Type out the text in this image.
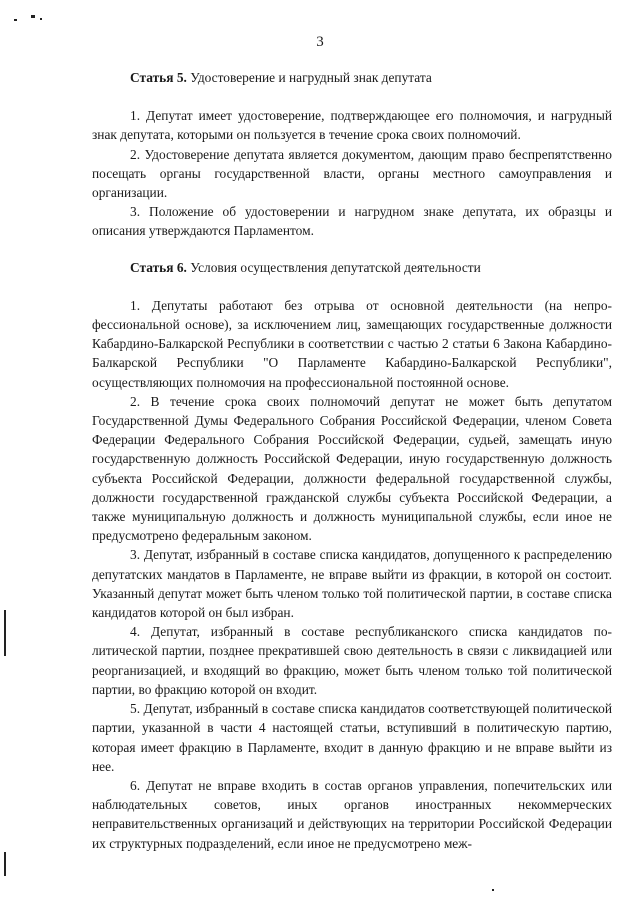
3
Статья 5. Удостоверение и нагрудный знак депутата

1. Депутат имеет удостоверение, подтверждающее его полномочия, и нагрудный знак депутата, которыми он пользуется в течение срока своих полномочий.

2. Удостоверение депутата является документом, дающим право беспрепятственно посещать органы государственной власти, органы местного самоуправления и организации.

3. Положение об удостоверении и нагрудном знаке депутата, их образцы и описания утверждаются Парламентом.

Статья 6. Условия осуществления депутатской деятельности

1. Депутаты работают без отрыва от основной деятельности (на непрофессиональной основе), за исключением лиц, замещающих государственные должности Кабардино-Балкарской Республики в соответствии с частью 2 статьи 6 Закона Кабардино-Балкарской Республики "О Парламенте Кабардино-Балкарской Республики", осуществляющих полномочия на профессиональной постоянной основе.

2. В течение срока своих полномочий депутат не может быть депутатом Государственной Думы Федерального Собрания Российской Федерации, членом Совета Федерации Федерального Собрания Российской Федерации, судьей, замещать иную государственную должность Российской Федерации, иную государственную должность субъекта Российской Федерации, должности федеральной государственной службы, должности государственной гражданской службы субъекта Российской Федерации, а также муниципальную должность и должность муниципальной службы, если иное не предусмотрено федеральным законом.

3. Депутат, избранный в составе списка кандидатов, допущенного к распределению депутатских мандатов в Парламенте, не вправе выйти из фракции, в которой он состоит. Указанный депутат может быть членом только той политической партии, в составе списка кандидатов которой он был избран.

4. Депутат, избранный в составе республиканского списка кандидатов политической партии, позднее прекратившей свою деятельность в связи с ликвидацией или реорганизацией, и входящий во фракцию, может быть членом только той политической партии, во фракцию которой он входит.

5. Депутат, избранный в составе списка кандидатов соответствующей политической партии, указанной в части 4 настоящей статьи, вступивший в политическую партию, которая имеет фракцию в Парламенте, входит в данную фракцию и не вправе выйти из нее.

6. Депутат не вправе входить в состав органов управления, попечительских или наблюдательных советов, иных органов иностранных некоммерческих неправительственных организаций и действующих на территории Российской Федерации их структурных подразделений, если иное не предусмотрено меж-
